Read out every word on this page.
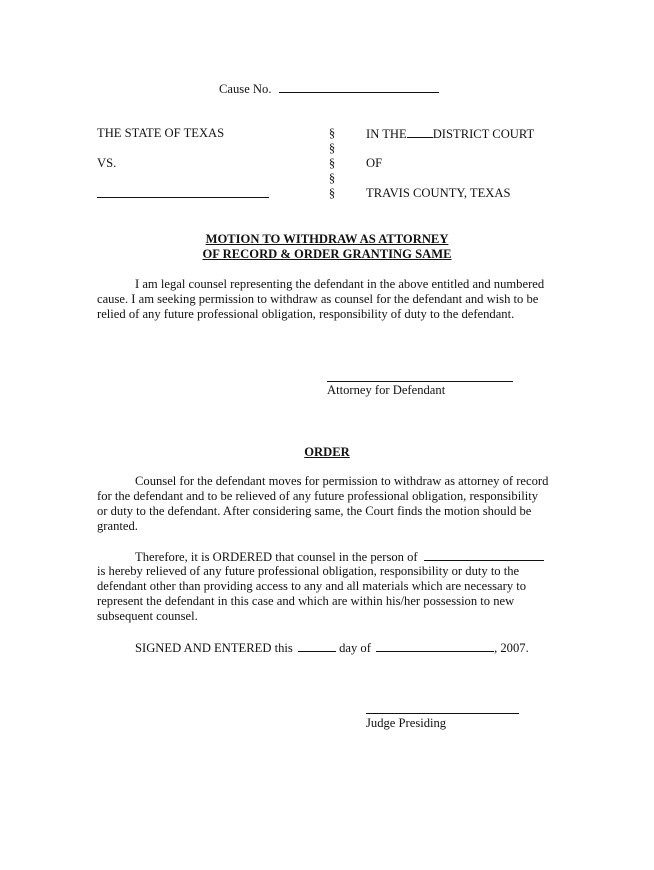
Cause No.
THE STATE OF TEXAS
VS.
§
§
§
§
§
IN THE DISTRICT COURT
OF
TRAVIS COUNTY, TEXAS
MOTION TO WITHDRAW AS ATTORNEY
OF RECORD & ORDER GRANTING SAME
I am legal counsel representing the defendant in the above entitled and numbered
cause. I am seeking permission to withdraw as counsel for the defendant and wish to be
relied of any future professional obligation, responsibility of duty to the defendant.
Attorney for Defendant
ORDER
Counsel for the defendant moves for permission to withdraw as attorney of record
for the defendant and to be relieved of any future professional obligation, responsibility
or duty to the defendant. After considering same, the Court finds the motion should be
granted.
Therefore, it is ORDERED that counsel in the person of
is hereby relieved of any future professional obligation, responsibility or duty to the
defendant other than providing access to any and all materials which are necessary to
represent the defendant in this case and which are within his/her possession to new
subsequent counsel.
SIGNED AND ENTERED this	day of	, 2007.
Judge Presiding
